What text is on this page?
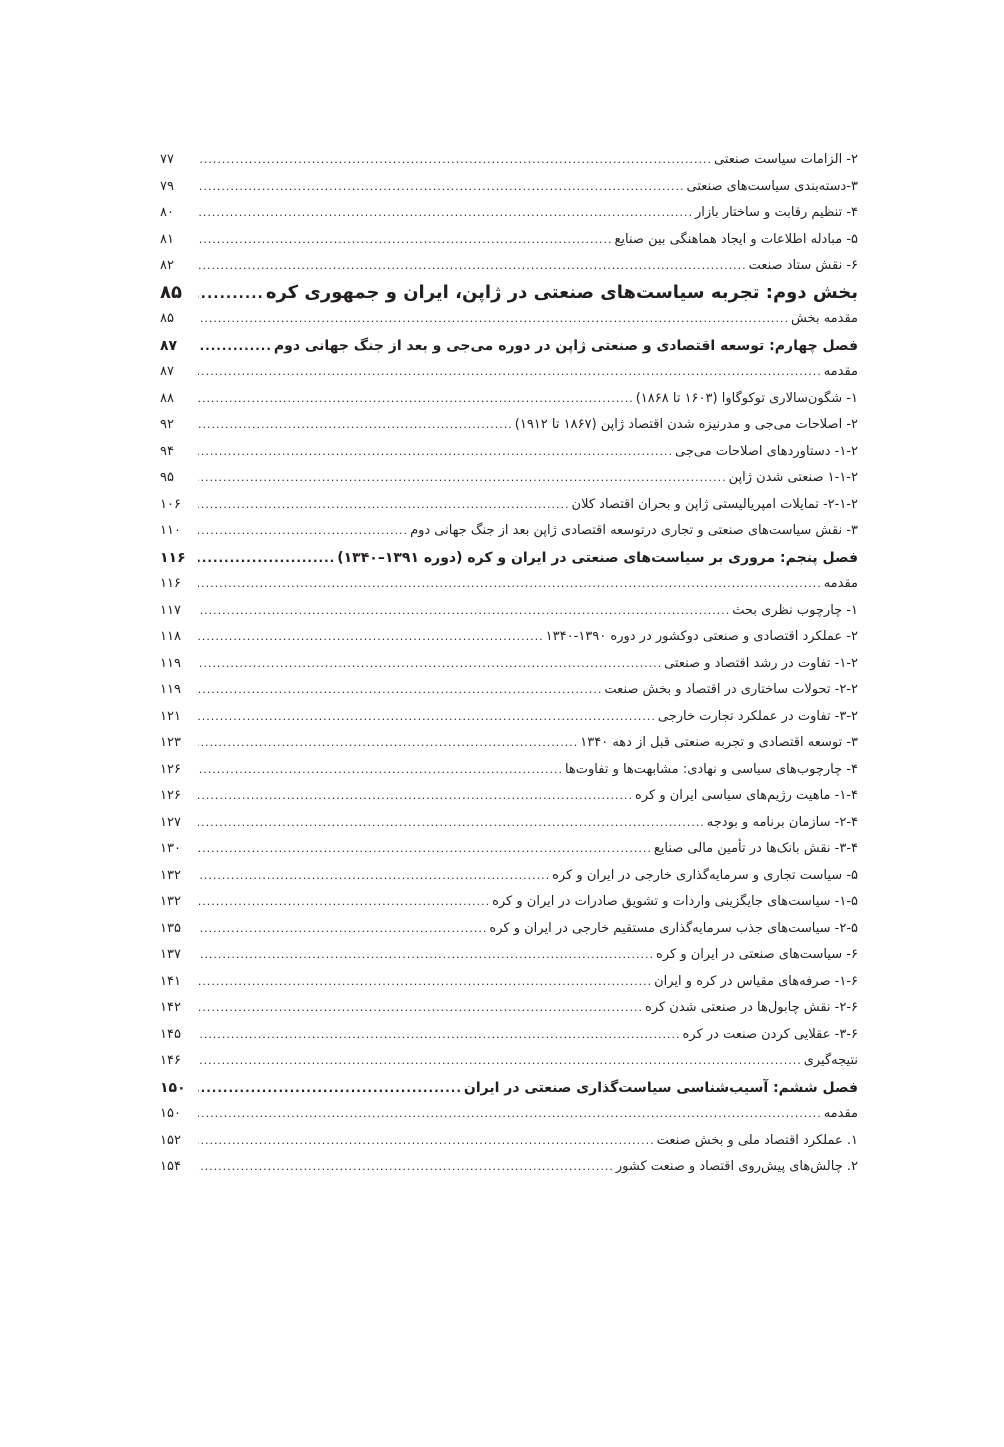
۲- الزامات سیاست صنعتی
.....
۷۷
۳-دسته‌بندی سیاست‌های صنعتی
.....
۷۹
۴- تنظیم رقابت و ساختار بازار
.....
۸۰
۵- مبادله اطلاعات و ایجاد هماهنگی بین صنایع
.....
۸۱
۶- نقش ستاد صنعت
.....
۸۲
بخش دوم: تجربه سیاست‌های صنعتی در ژاپن، ایران و جمهوری کره
.....
۸۵
مقدمه بخش
.....
۸۵
فصل چهارم: توسعه اقتصادی و صنعتی ژاپن در دوره می‌جی و بعد از جنگ جهانی دوم
.....
۸۷
مقدمه
.....
۸۷
۱- شگون‌سالاری توکوگاوا (۱۶۰۳ تا ۱۸۶۸)
.....
۸۸
۲- اصلاحات می‌جی و مدرنیزه شدن اقتصاد ژاپن (۱۸۶۷ تا ۱۹۱۲)
.....
۹۲
۱-۲- دستاوردهای اصلاحات می‌جی
.....
۹۴
۱-۱-۲ صنعتی شدن ژاپن
.....
۹۵
۲-۱-۲- تمایلات امپریالیستی ژاپن و بحران اقتصاد کلان
.....
۱۰۶
۳- نقش سیاست‌های صنعتی و تجاری درتوسعه اقتصادی ژاپن بعد از جنگ جهانی دوم
.....
۱۱۰
فصل پنجم: مروری بر سیاست‌های صنعتی در ایران و کره (دوره ۱۳۹۱–۱۳۴۰)
.....
۱۱۶
مقدمه
.....
۱۱۶
۱- چارچوب نظری بحث
.....
۱۱۷
۲- عملکرد اقتصادی و صنعتی دوکشور در دوره ۱۳۹۰-۱۳۴۰
.....
۱۱۸
۱-۲- تفاوت در رشد اقتصاد و صنعتی
.....
۱۱۹
۲-۲- تحولات ساختاری در اقتصاد و بخش صنعت
.....
۱۱۹
۳-۲- تفاوت در عملکرد تجارت خارجی
.....
۱۲۱
۳- توسعه اقتصادی و تجربه صنعتی قبل از دهه ۱۳۴۰
.....
۱۲۳
۴- چارچوب‌های سیاسی و نهادی: مشابهت‌ها و تفاوت‌ها
.....
۱۲۶
۱-۴- ماهیت رژیم‌های سیاسی ایران و کره
.....
۱۲۶
۲-۴- سازمان برنامه و بودجه
.....
۱۲۷
۳-۴- نقش بانک‌ها در تأمین مالی صنایع
.....
۱۳۰
۵- سیاست تجاری و سرمایه‌گذاری خارجی در ایران و کره
.....
۱۳۲
۱-۵- سیاست‌های جایگزینی واردات و تشویق صادرات در ایران و کره
.....
۱۳۲
۲-۵- سیاست‌های جذب سرمایه‌گذاری مستقیم خارجی در ایران و کره
.....
۱۳۵
۶- سیاست‌های صنعتی در ایران و کره
.....
۱۳۷
۱-۶- صرفه‌های مقیاس در کره و ایران
.....
۱۴۱
۲-۶- نقش چابول‌ها در صنعتی شدن کره
.....
۱۴۲
۳-۶- عقلایی کردن صنعت در کره
.....
۱۴۵
نتیجه‌گیری
.....
۱۴۶
فصل ششم: آسیب‌شناسی سیاست‌گذاری صنعتی در ایران
.....
۱۵۰
مقدمه
.....
۱۵۰
۱. عملکرد اقتصاد ملی و بخش صنعت
.....
۱۵۲
۲. چالش‌های پیش‌روی اقتصاد و صنعت کشور
.....
۱۵۴
